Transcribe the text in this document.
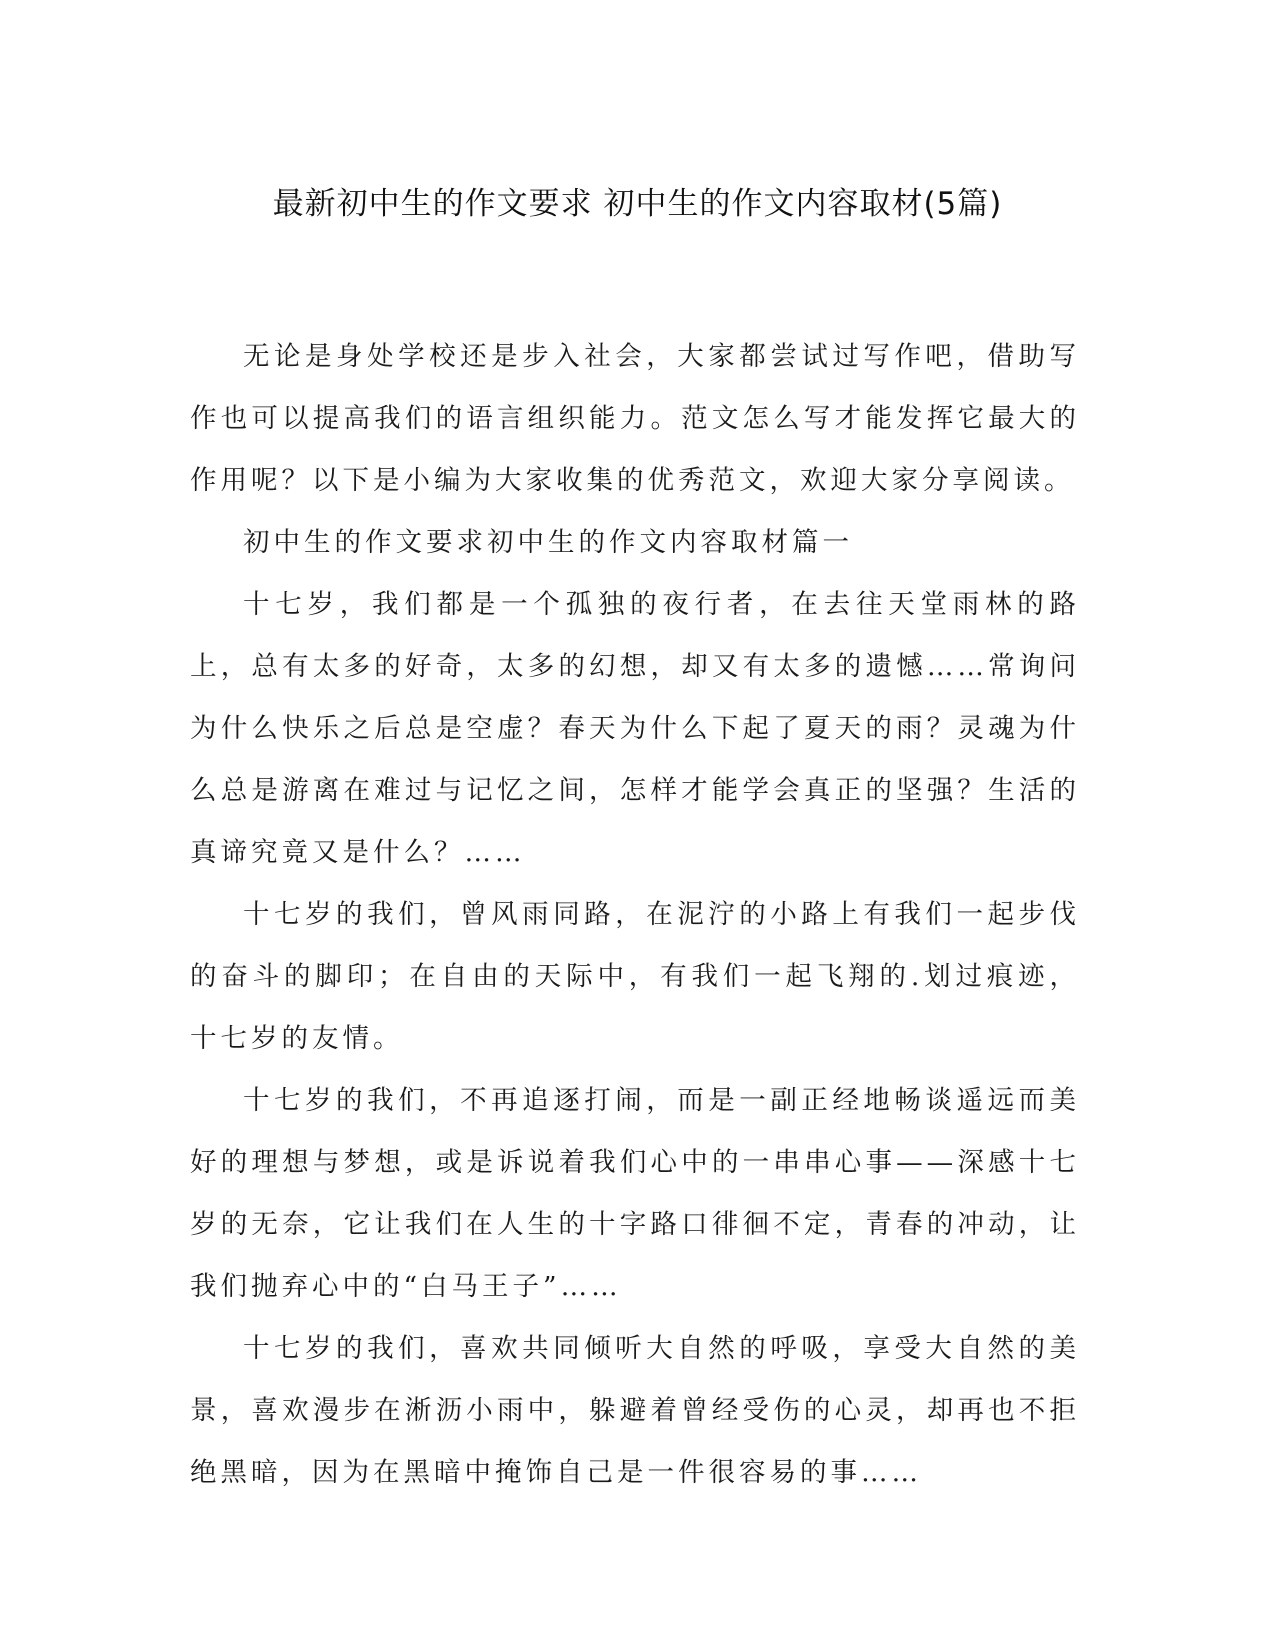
最新初中生的作文要求 初中生的作文内容取材(5篇)

无论是身处学校还是步入社会，大家都尝试过写作吧，借助写作也可以提高我们的语言组织能力。范文怎么写才能发挥它最大的作用呢？以下是小编为大家收集的优秀范文，欢迎大家分享阅读。

初中生的作文要求初中生的作文内容取材篇一

十七岁，我们都是一个孤独的夜行者，在去往天堂雨林的路上，总有太多的好奇，太多的幻想，却又有太多的遗憾……常询问为什么快乐之后总是空虚？春天为什么下起了夏天的雨？灵魂为什么总是游离在难过与记忆之间，怎样才能学会真正的坚强？生活的真谛究竟又是什么？……

十七岁的我们，曾风雨同路，在泥泞的小路上有我们一起步伐的奋斗的脚印；在自由的天际中，有我们一起飞翔的.划过痕迹，十七岁的友情。

十七岁的我们，不再追逐打闹，而是一副正经地畅谈遥远而美好的理想与梦想，或是诉说着我们心中的一串串心事——深感十七岁的无奈，它让我们在人生的十字路口徘徊不定，青春的冲动，让我们抛弃心中的“白马王子”……

十七岁的我们，喜欢共同倾听大自然的呼吸，享受大自然的美景，喜欢漫步在淅沥小雨中，躲避着曾经受伤的心灵，却再也不拒绝黑暗，因为在黑暗中掩饰自己是一件很容易的事……
